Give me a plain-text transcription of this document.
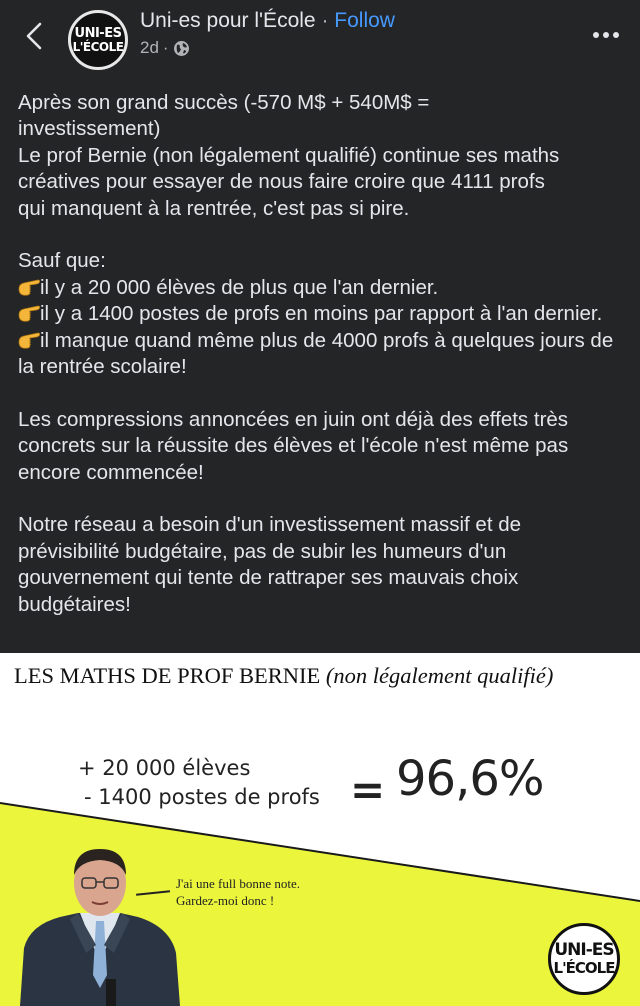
UNI-ES
L'ÉCOLE
Uni-es pour l'École · Follow
2d ·

Après son grand succès (-570 M$ + 540M$ =
investissement)
Le prof Bernie (non légalement qualifié) continue ses maths
créatives pour essayer de nous faire croire que 4111 profs
qui manquent à la rentrée, c'est pas si pire.

Sauf que:
il y a 20 000 élèves de plus que l'an dernier.
il y a 1400 postes de profs en moins par rapport à l'an dernier.
il manque quand même plus de 4000 profs à quelques jours de la rentrée scolaire!

Les compressions annoncées en juin ont déjà des effets très concrets sur la réussite des élèves et l'école n'est même pas encore commencée!

Notre réseau a besoin d'un investissement massif et de prévisibilité budgétaire, pas de subir les humeurs d'un gouvernement qui tente de rattraper ses mauvais choix budgétaires!

LES MATHS DE PROF BERNIE (non légalement qualifié)
+ 20 000 élèves
- 1400 postes de profs = 96,6%
J'ai une full bonne note.
Gardez-moi donc !
UNI-ES
L'ÉCOLE
